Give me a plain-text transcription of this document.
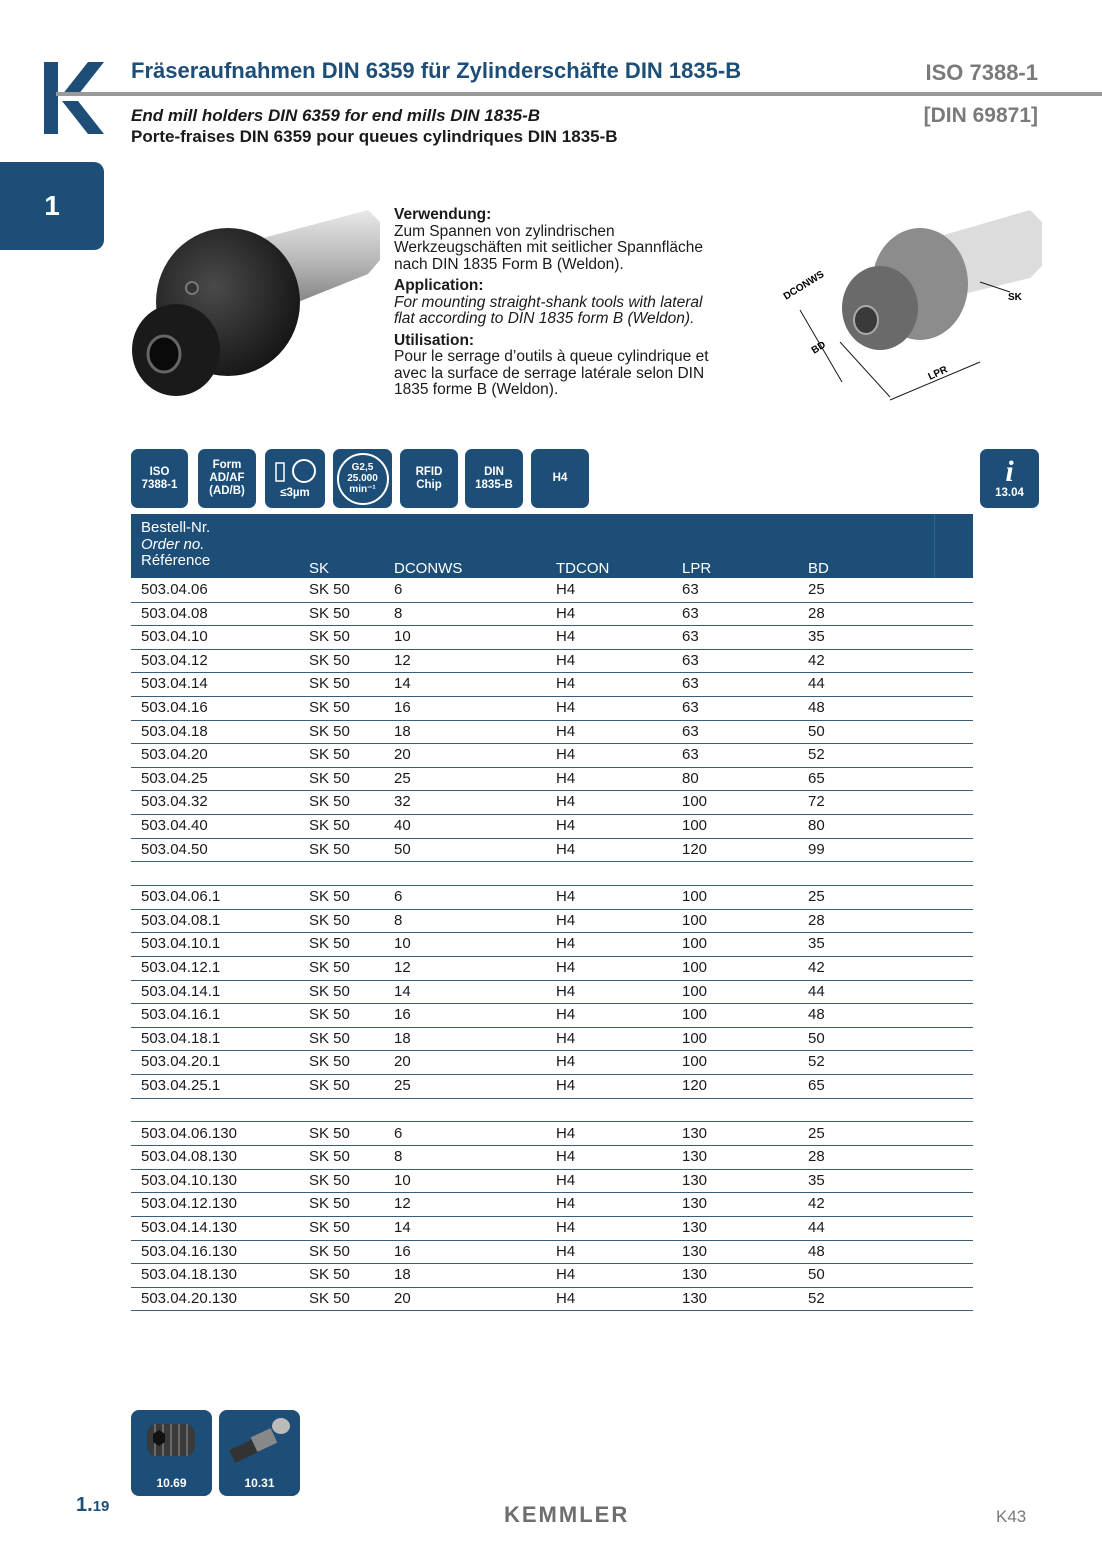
Fräseraufnahmen DIN 6359 für Zylinderschäfte DIN 1835-B	ISO 7388-1
End mill holders DIN 6359 for end mills DIN 1835-B
Porte-fraises DIN 6359 pour queues cylindriques DIN 1835-B
[DIN 69871]
1	Verwendung:
Zum Spannen von zylindrischen Werkzeugschäften mit seitlicher Spannfläche nach DIN 1835 Form B (Weldon).
Application:
For mounting straight-shank tools with lateral flat according to DIN 1835 form B (Weldon).
Utilisation:
Pour le serrage d’outils à queue cylindrique et avec la surface de serrage latérale selon DIN 1835 forme B (Weldon).
DCONWS
BD
LPR
SK
ISO 7388-1
Form AD/AF (AD/B)	≤3µm
G2,5
25.000
min⁻¹
RFID Chip
DIN 1835-B
H4	i
13.04
Bestell-Nr.
Order no.
Référence	SK	DCONWS	TDCON	LPR	BD
503.04.06	SK 50	6	H4	63	25
503.04.08	SK 50	8	H4	63	28
503.04.10	SK 50	10	H4	63	35
503.04.12	SK 50	12	H4	63	42
503.04.14	SK 50	14	H4	63	44
503.04.16	SK 50	16	H4	63	48
503.04.18	SK 50	18	H4	63	50
503.04.20	SK 50	20	H4	63	52
503.04.25	SK 50	25	H4	80	65
503.04.32	SK 50	32	H4	100	72
503.04.40	SK 50	40	H4	100	80
503.04.50	SK 50	50	H4	120	99
503.04.06.1	SK 50	6	H4	100	25
503.04.08.1	SK 50	8	H4	100	28
503.04.10.1	SK 50	10	H4	100	35
503.04.12.1	SK 50	12	H4	100	42
503.04.14.1	SK 50	14	H4	100	44
503.04.16.1	SK 50	16	H4	100	48
503.04.18.1	SK 50	18	H4	100	50
503.04.20.1	SK 50	20	H4	100	52
503.04.25.1	SK 50	25	H4	120	65
503.04.06.130	SK 50	6	H4	130	25
503.04.08.130	SK 50	8	H4	130	28
503.04.10.130	SK 50	10	H4	130	35
503.04.12.130	SK 50	12	H4	130	42
503.04.14.130	SK 50	14	H4	130	44
503.04.16.130	SK 50	16	H4	130	48
503.04.18.130	SK 50	18	H4	130	50
503.04.20.130	SK 50	20	H4	130	52
10.69	10.31
1.19	KEMMLER	K43
